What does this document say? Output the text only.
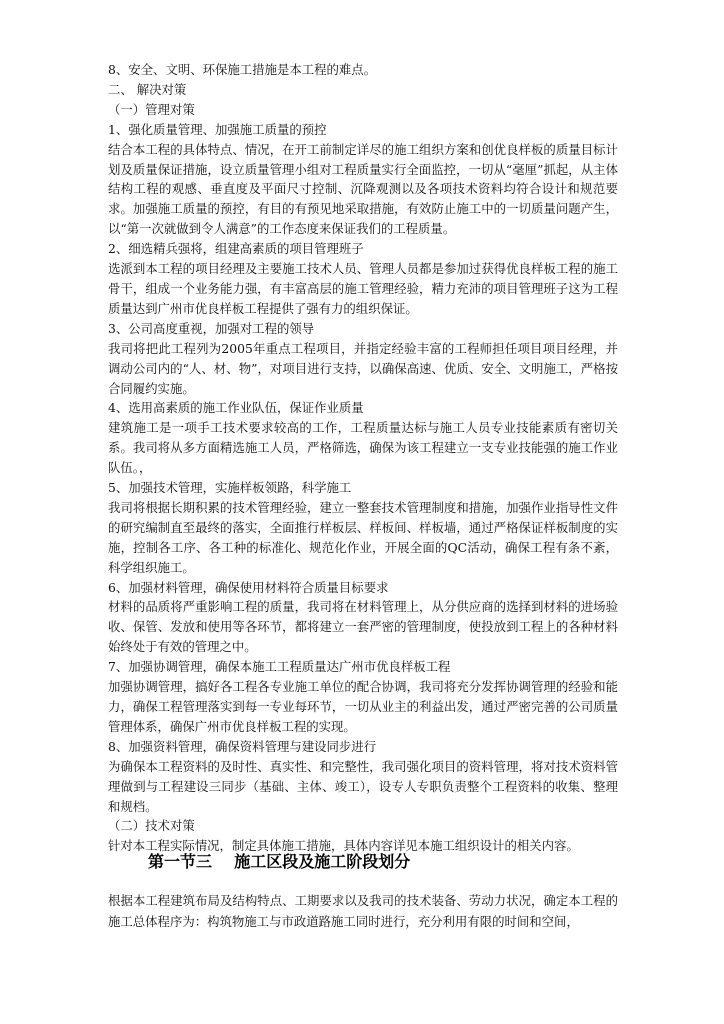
8、安全、文明、环保施工措施是本工程的难点。

二、 解决对策

（一）管理对策

1、强化质量管理、加强施工质量的预控

结合本工程的具体特点、情况，在开工前制定详尽的施工组织方案和创优良样板的质量目标计划及质量保证措施，设立质量管理小组对工程质量实行全面监控，一切从“毫厘”抓起，从主体结构工程的观感、垂直度及平面尺寸控制、沉降观测以及各项技术资料均符合设计和规范要求。加强施工质量的预控，有目的有预见地采取措施，有效防止施工中的一切质量问题产生，以“第一次就做到令人满意”的工作态度来保证我们的工程质量。

2、细选精兵强将，组建高素质的项目管理班子

选派到本工程的项目经理及主要施工技术人员、管理人员都是参加过获得优良样板工程的施工骨干，组成一个业务能力强，有丰富高层的施工管理经验，精力充沛的项目管理班子这为工程质量达到广州市优良样板工程提供了强有力的组织保证。

3、公司高度重视，加强对工程的领导

我司将把此工程列为2005年重点工程项目，并指定经验丰富的工程师担任项目项目经理，并调动公司内的“人、材、物”，对项目进行支持，以确保高速、优质、安全、文明施工，严格按合同履约实施。

4、选用高素质的施工作业队伍，保证作业质量

建筑施工是一项手工技术要求较高的工作，工程质量达标与施工人员专业技能素质有密切关系。我司将从多方面精选施工人员，严格筛选，确保为该工程建立一支专业技能强的施工作业队伍。，

5、加强技术管理，实施样板领路，科学施工

我司将根据长期积累的技术管理经验，建立一整套技术管理制度和措施，加强作业指导性文件的研究编制直至最终的落实，全面推行样板层、样板间、样板墙，通过严格保证样板制度的实施，控制各工序、各工种的标准化、规范化作业，开展全面的QC活动，确保工程有条不紊，科学组织施工。

6、加强材料管理，确保使用材料符合质量目标要求

材料的品质将严重影响工程的质量，我司将在材料管理上，从分供应商的选择到材料的进场验收、保管、发放和使用等各环节，都将建立一套严密的管理制度，使投放到工程上的各种材料始终处于有效的管理之中。

7、加强协调管理，确保本施工工程质量达广州市优良样板工程

加强协调管理，搞好各工程各专业施工单位的配合协调，我司将充分发挥协调管理的经验和能力，确保工程管理落实到每一专业每环节，一切从业主的利益出发，通过严密完善的公司质量管理体系，确保广州市优良样板工程的实现。

8、加强资料管理，确保资料管理与建设同步进行

为确保本工程资料的及时性、真实性、和完整性，我司强化项目的资料管理，将对技术资料管理做到与工程建设三同步（基础、主体、竣工），设专人专职负责整个工程资料的收集、整理和规档。

（二）技术对策

针对本工程实际情况，制定具体施工措施，具体内容详见本施工组织设计的相关内容。

第一节三    施工区段及施工阶段划分

根据本工程建筑布局及结构特点、工期要求以及我司的技术装备、劳动力状况，确定本工程的施工总体程序为：构筑物施工与市政道路施工同时进行，充分利用有限的时间和空间，
